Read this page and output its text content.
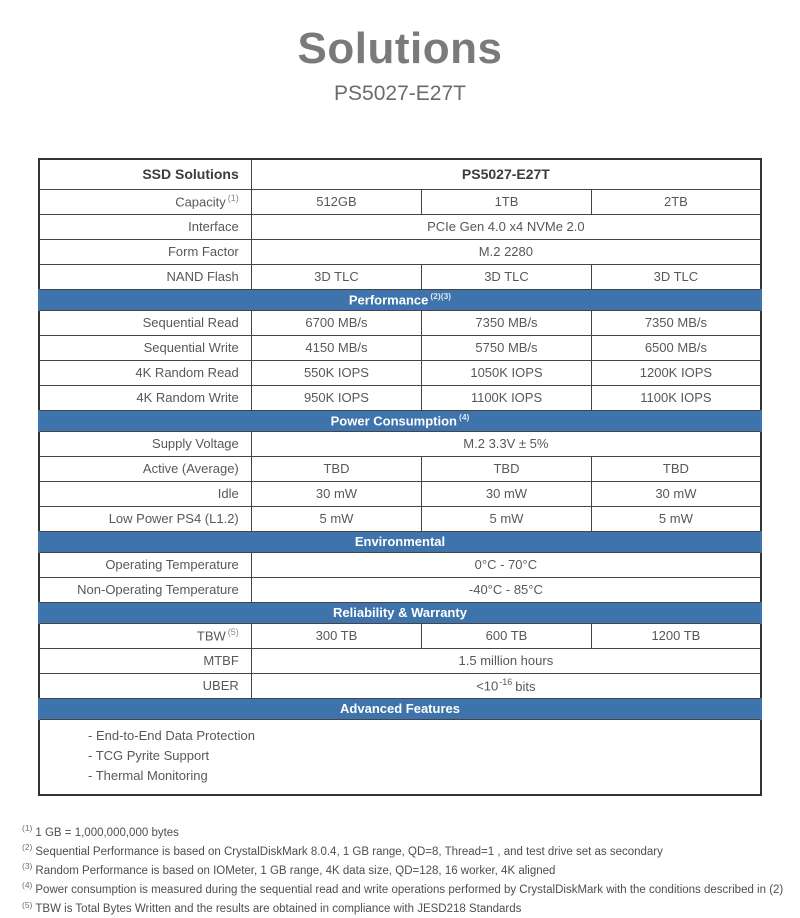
Solutions
PS5027-E27T
SSD Solutions	PS5027-E27T		
Capacity $^{(1)}$	512GB	1TB	2TB
Interface	PCIe Gen 4.0 x4 NVMe 2.0		
Form Factor	M.2 2280		
NAND Flash	3D TLC	3D TLC	3D TLC
Performance $^{(2)(3)}$
Sequential Read	6700 MB/s	7350 MB/s	7350 MB/s
Sequential Write	4150 MB/s	5750 MB/s	6500 MB/s
4K Random Read	550K IOPS	1050K IOPS	1200K IOPS
4K Random Write	950K IOPS	1100K IOPS	1100K IOPS
Power Consumption $^{(4)}$
Supply Voltage	M.2 3.3V ± 5%		
Active (Average)	TBD	TBD	TBD
Idle	30 mW	30 mW	30 mW
Low Power PS4 (L1.2)	5 mW	5 mW	5 mW
Environmental			
Operating Temperature	0°C - 70°C		
Non-Operating Temperature	-40°C - 85°C		
Reliability & Warranty			
TBW $^{(5)}$	300 TB	600 TB	1200 TB
MTBF	1.5 million hours		
UBER	$<10^{-16}$ bits		
Advanced Features			

- End-to-End Data Protection
- TCG Pyrite Support
- Thermal Monitoring			
$^{(1)}$ 1 GB = 1,000,000,000 bytes
$^{(2)}$ Sequential Performance is based on CrystalDiskMark 8.0.4, 1 GB range, QD=8, Thread=1 , and test drive set as secondary
$^{(3)}$ Random Performance is based on IOMeter, 1 GB range, 4K data size, QD=128, 16 worker, 4K aligned
$^{(4)}$ Power consumption is measured during the sequential read and write operations performed by CrystalDiskMark with the conditions described in (2)
$^{(5)}$ TBW is Total Bytes Written and the results are obtained in compliance with JESD218 Standards
